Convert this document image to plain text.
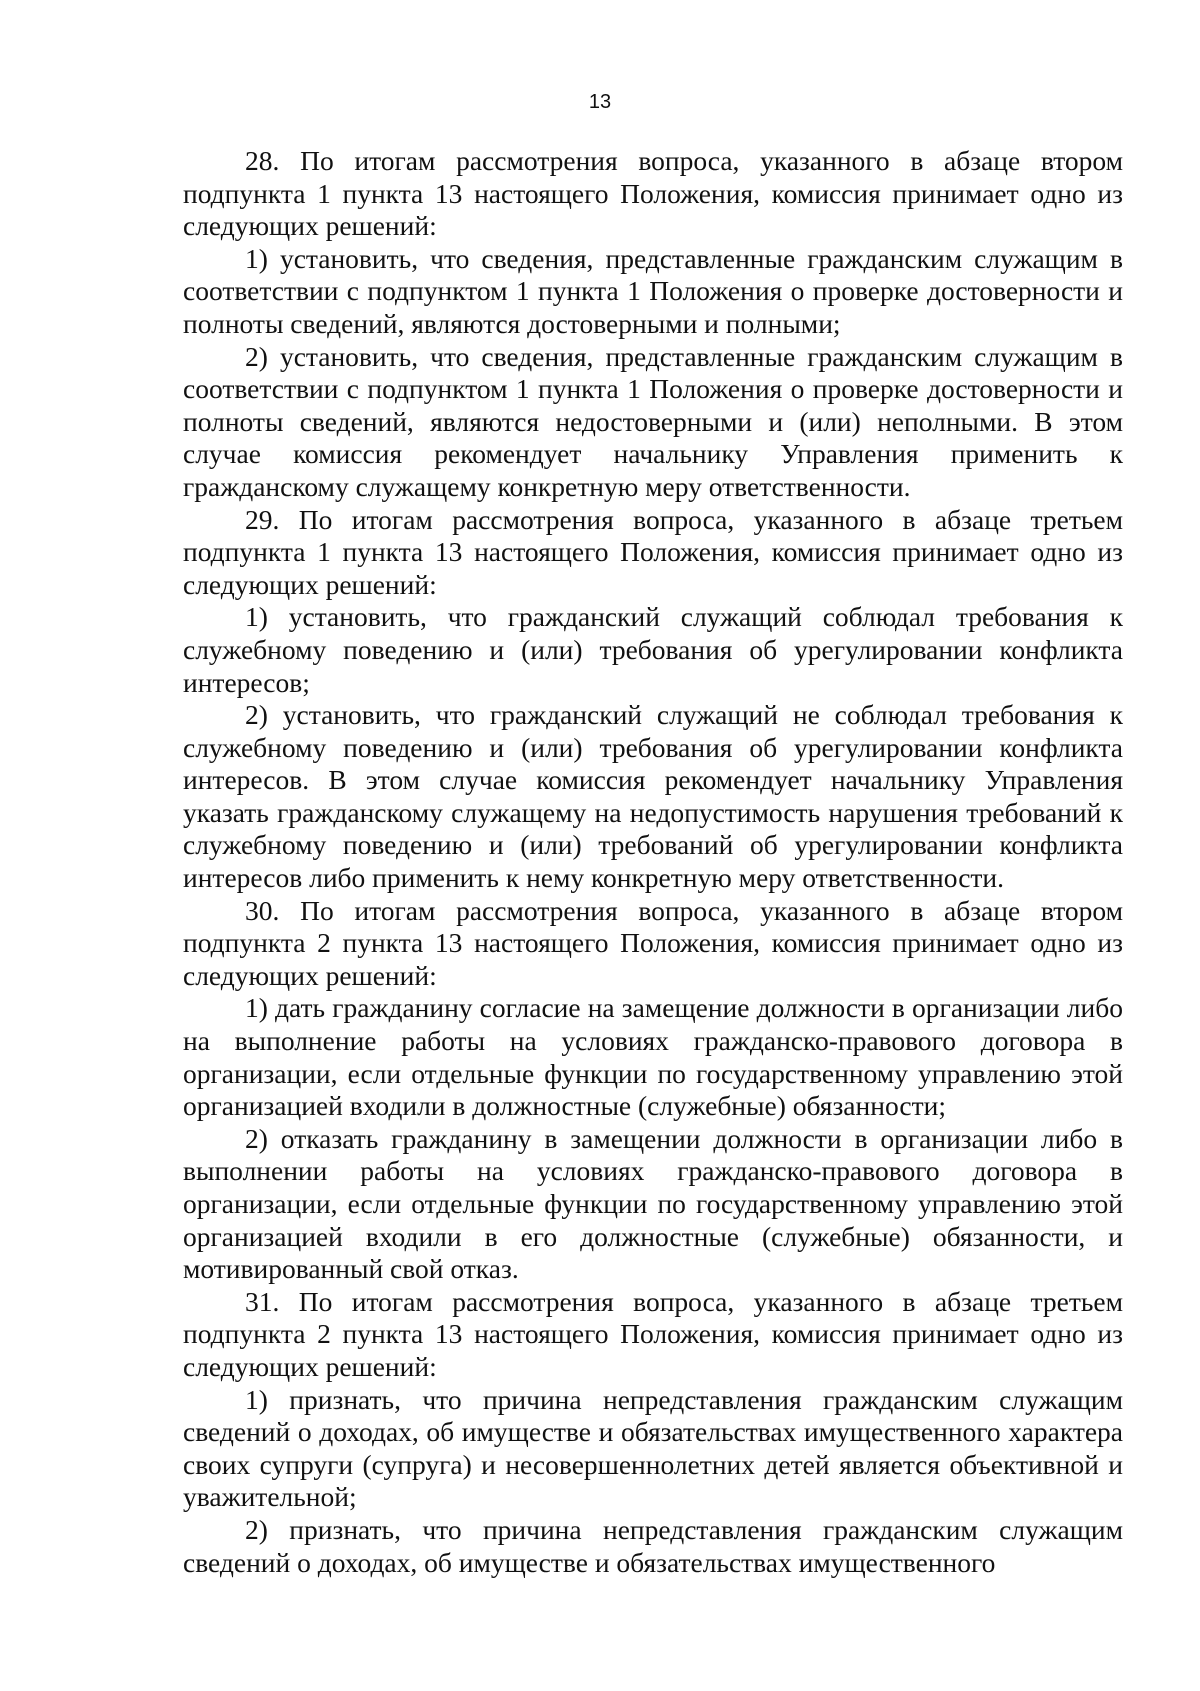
13

28. По итогам рассмотрения вопроса, указанного в абзаце втором подпункта 1 пункта 13 настоящего Положения, комиссия принимает одно из следующих решений:

1) установить, что сведения, представленные гражданским служащим в соответствии с подпунктом 1 пункта 1 Положения о проверке достоверности и полноты сведений, являются достоверными и полными;

2) установить, что сведения, представленные гражданским служащим в соответствии с подпунктом 1 пункта 1 Положения о проверке достоверности и полноты сведений, являются недостоверными и (или) неполными. В этом случае комиссия рекомендует начальнику Управления применить к гражданскому служащему конкретную меру ответственности.

29. По итогам рассмотрения вопроса, указанного в абзаце третьем подпункта 1 пункта 13 настоящего Положения, комиссия принимает одно из следующих решений:

1) установить, что гражданский служащий соблюдал требования к служебному поведению и (или) требования об урегулировании конфликта интересов;

2) установить, что гражданский служащий не соблюдал требования к служебному поведению и (или) требования об урегулировании конфликта интересов. В этом случае комиссия рекомендует начальнику Управления указать гражданскому служащему на недопустимость нарушения требований к служебному поведению и (или) требований об урегулировании конфликта интересов либо применить к нему конкретную меру ответственности.

30. По итогам рассмотрения вопроса, указанного в абзаце втором подпункта 2 пункта 13 настоящего Положения, комиссия принимает одно из следующих решений:

1) дать гражданину согласие на замещение должности в организации либо на выполнение работы на условиях гражданско-правового договора в организации, если отдельные функции по государственному управлению этой организацией входили в должностные (служебные) обязанности;

2) отказать гражданину в замещении должности в организации либо в выполнении работы на условиях гражданско-правового договора в организации, если отдельные функции по государственному управлению этой организацией входили в его должностные (служебные) обязанности, и мотивированный свой отказ.

31. По итогам рассмотрения вопроса, указанного в абзаце третьем подпункта 2 пункта 13 настоящего Положения, комиссия принимает одно из следующих решений:

1) признать, что причина непредставления гражданским служащим сведений о доходах, об имуществе и обязательствах имущественного характера своих супруги (супруга) и несовершеннолетних детей является объективной и уважительной;

2) признать, что причина непредставления гражданским служащим сведений о доходах, об имуществе и обязательствах имущественного
